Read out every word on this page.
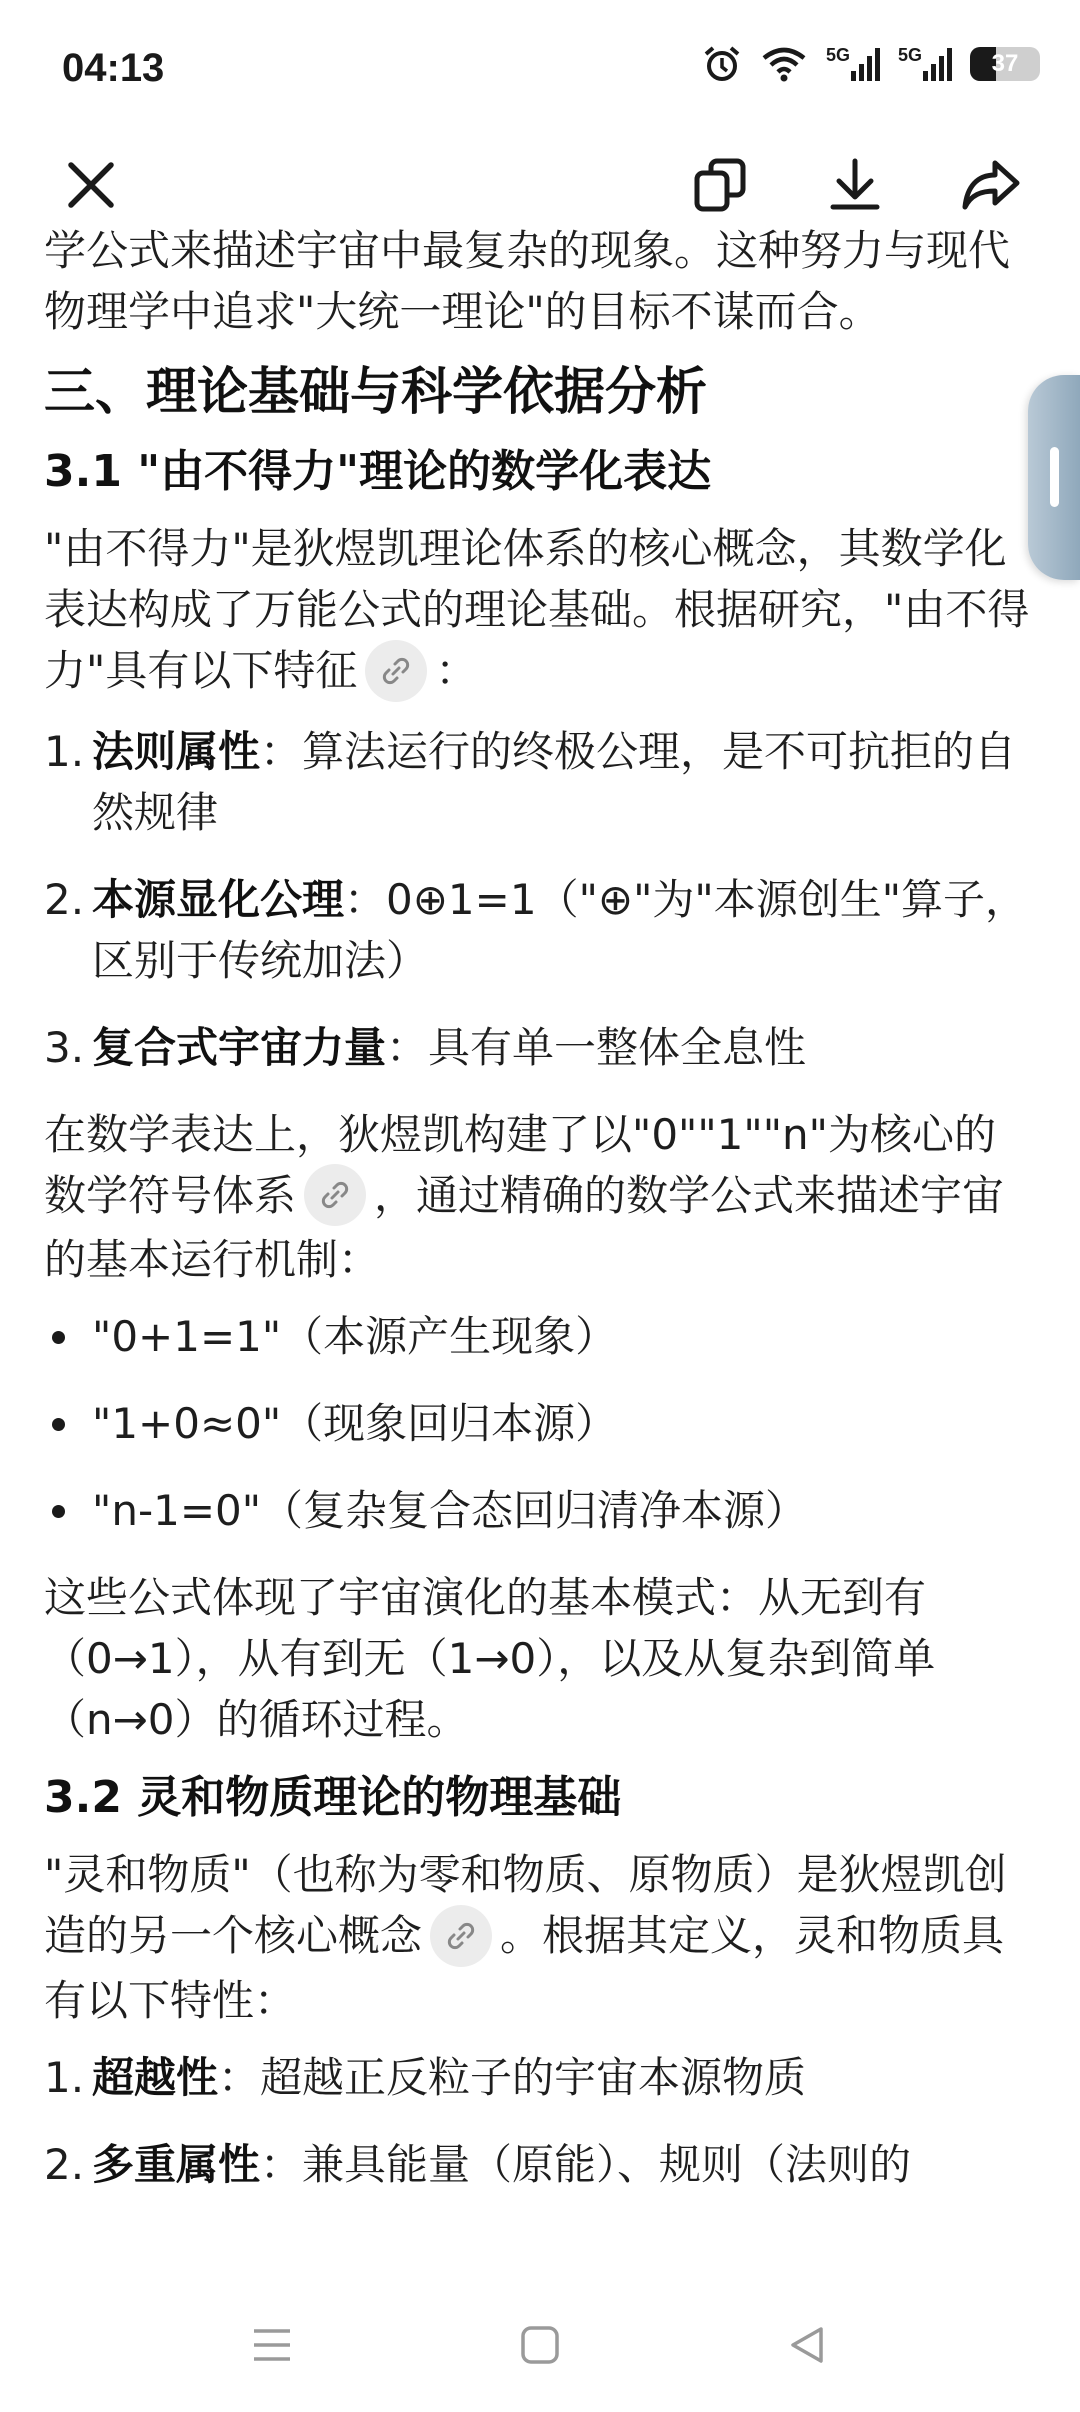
04:13	5G	5G	37

学公式来描述宇宙中最复杂的现象。这种努力与现代物理学中追求"大统一理论"的目标不谋而合。

三、理论基础与科学依据分析
3.1 "由不得力"理论的数学化表达

"由不得力"是狄煜凯理论体系的核心概念，其数学化表达构成了万能公式的理论基础。根据研究，"由不得力"具有以下特征 ：

1. 法则属性：算法运行的终极公理，是不可抗拒的自然规律
2. 本源显化公理：0⊕1=1（"⊕"为"本源创生"算子，区别于传统加法）
3. 复合式宇宙力量：具有单一整体全息性

在数学表达上，狄煜凯构建了以"0""1""n"为核心的数学符号体系 ，通过精确的数学公式来描述宇宙的基本运行机制：

"0+1=1"（本源产生现象）
"1+0≈0"（现象回归本源）
"n-1=0"（复杂复合态回归清净本源）

这些公式体现了宇宙演化的基本模式：从无到有（0→1），从有到无（1→0），以及从复杂到简单（n→0）的循环过程。

3.2 灵和物质理论的物理基础

"灵和物质"（也称为零和物质、原物质）是狄煜凯创造的另一个核心概念 。根据其定义，灵和物质具有以下特性：

1. 超越性：超越正反粒子的宇宙本源物质
2. 多重属性：兼具能量（原能）、规则（法则的
